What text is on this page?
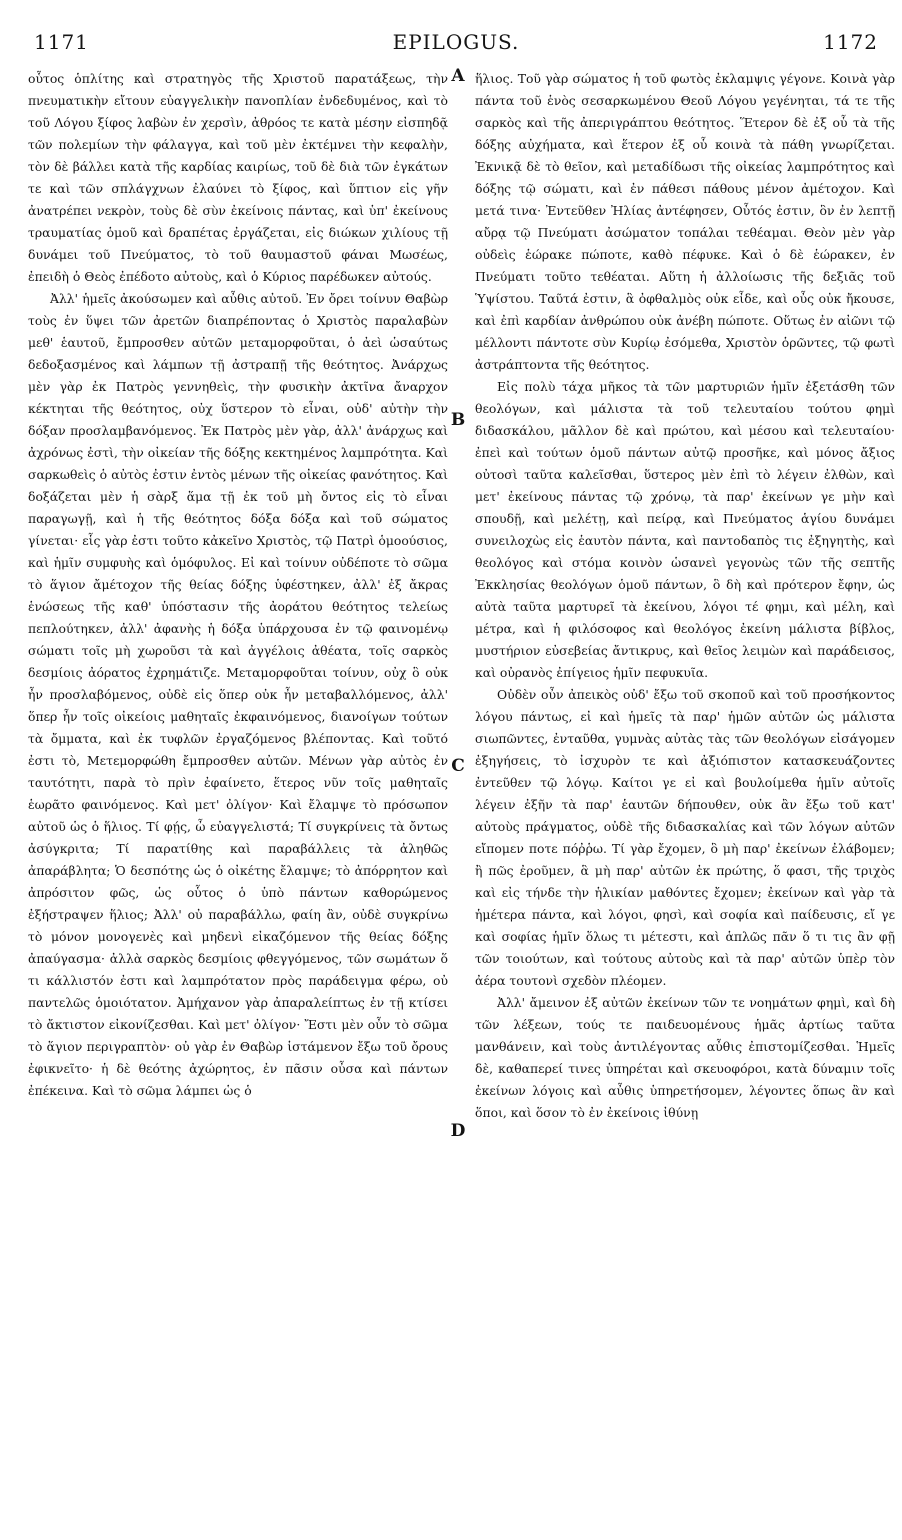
1171	EPILOGUS.	1172

οὗτος ὁπλίτης καὶ στρατηγὸς τῆς Χριστοῦ παρατάξεως, τὴν πνευματικὴν εἴτουν εὐαγγελικὴν πανοπλίαν ἐνδεδυμένος, καὶ τὸ τοῦ Λόγου ξίφος λαβὼν ἐν χερσὶν, ἀθρόος τε κατὰ μέσην εἰσπηδᾷ τῶν πολεμίων τὴν φάλαγγα, καὶ τοῦ μὲν ἐκτέμνει τὴν κεφαλὴν, τὸν δὲ βάλλει κατὰ τῆς καρδίας καιρίως, τοῦ δὲ διὰ τῶν ἐγκάτων τε καὶ τῶν σπλάγχνων ἐλαύνει τὸ ξίφος, καὶ ὕπτιον εἰς γῆν ἀνατρέπει νεκρὸν, τοὺς δὲ σὺν ἐκείνοις πάντας, καὶ ὑπ' ἐκείνους τραυματίας ὁμοῦ καὶ δραπέτας ἐργάζεται, εἰς διώκων χιλίους τῇ δυνάμει τοῦ Πνεύματος, τὸ τοῦ θαυμαστοῦ φάναι Μωσέως, ἐπειδὴ ὁ Θεὸς ἐπέδοτο αὐτοὺς, καὶ ὁ Κύριος παρέδωκεν αὐτούς.

Ἀλλ' ἡμεῖς ἀκούσωμεν καὶ αὖθις αὐτοῦ. Ἐν ὄρει τοίνυν Θαβὼρ τοὺς ἐν ὕψει τῶν ἀρετῶν διαπρέποντας ὁ Χριστὸς παραλαβὼν μεθ' ἑαυτοῦ, ἔμπροσθεν αὐτῶν μεταμορφοῦται, ὁ ἀεὶ ὡσαύτως δεδοξασμένος καὶ λάμπων τῇ ἀστραπῇ τῆς θεότητος. Ἀνάρχως μὲν γὰρ ἐκ Πατρὸς γεννηθεὶς, τὴν φυσικὴν ἀκτῖνα ἄναρχον κέκτηται τῆς θεότητος, οὐχ ὕστερον τὸ εἶναι, οὐδ' αὐτὴν τὴν δόξαν προσλαμβανόμενος. Ἐκ Πατρὸς μὲν γὰρ, ἀλλ' ἀνάρχως καὶ ἀχρόνως ἐστὶ, τὴν οἰκείαν τῆς δόξης κεκτημένος λαμπρότητα. Καὶ σαρκωθεὶς ὁ αὐτὸς ἐστιν ἐντὸς μένων τῆς οἰκείας φανότητος. Καὶ δοξάζεται μὲν ἡ σὰρξ ἅμα τῇ ἐκ τοῦ μὴ ὄντος εἰς τὸ εἶναι παραγωγῇ, καὶ ἡ τῆς θεότητος δόξα δόξα καὶ τοῦ σώματος γίνεται· εἷς γὰρ ἐστι τοῦτο κἀκεῖνο Χριστὸς, τῷ Πατρὶ ὁμοούσιος, καὶ ἡμῖν συμφυὴς καὶ ὁμόφυλος. Εἰ καὶ τοίνυν οὐδέποτε τὸ σῶμα τὸ ἅγιον ἄμέτοχον τῆς θείας δόξης ὑφέστηκεν, ἀλλ' ἐξ ἄκρας ἑνώσεως τῆς καθ' ὑπόστασιν τῆς ἀοράτου θεότητος τελείως πεπλούτηκεν, ἀλλ' ἀφανὴς ἡ δόξα ὑπάρχουσα ἐν τῷ φαινομένῳ σώματι τοῖς μὴ χωροῦσι τὰ καὶ ἀγγέλοις ἀθέατα, τοῖς σαρκὸς δεσμίοις ἀόρατος ἐχρημάτιζε. Μεταμορφοῦται τοίνυν, οὐχ ὃ οὐκ ἦν προσλαβόμενος, οὐδὲ εἰς ὅπερ οὐκ ἦν μεταβαλλόμενος, ἀλλ' ὅπερ ἦν τοῖς οἰκείοις μαθηταῖς ἐκφαινόμενος, διανοίγων τούτων τὰ ὄμματα, καὶ ἐκ τυφλῶν ἐργαζόμενος βλέποντας. Καὶ τοῦτό ἐστι τὸ, Μετεμορφώθη ἔμπροσθεν αὐτῶν. Μένων γὰρ αὐτὸς ἐν ταυτότητι, παρὰ τὸ πρὶν ἐφαίνετο, ἕτερος νῦν τοῖς μαθηταῖς ἑωρᾶτο φαινόμενος. Καὶ μετ' ὀλίγον· Καὶ ἔλαμψε τὸ πρόσωπον αὐτοῦ ὡς ὁ ἥλιος. Τί φῄς, ὦ εὐαγγελιστά; Τί συγκρίνεις τὰ ὄντως ἀσύγκριτα; Τί παρατίθης καὶ παραβάλλεις τὰ ἀληθῶς ἀπαράβλητα; Ὁ δεσπότης ὡς ὁ οἰκέτης ἔλαμψε; τὸ ἀπόρρητον καὶ ἀπρόσιτον φῶς, ὡς οὗτος ὁ ὑπὸ πάντων καθορώμενος ἐξήστραψεν ἥλιος; Ἀλλ' οὐ παραβάλλω, φαίη ἂν, οὐδὲ συγκρίνω τὸ μόνον μονογενὲς καὶ μηδενὶ εἰκαζόμενον τῆς θείας δόξης ἀπαύγασμα· ἀλλὰ σαρκὸς δεσμίοις φθεγγόμενος, τῶν σωμάτων ὅ τι κάλλιστόν ἐστι καὶ λαμπρότατον πρὸς παράδειγμα φέρω, οὐ παντελῶς ὁμοιότατον. Ἀμήχανον γὰρ ἀπαραλείπτως ἐν τῇ κτίσει τὸ ἄκτιστον εἰκονίζεσθαι. Καὶ μετ' ὀλίγον· Ἔστι μὲν οὖν τὸ σῶμα τὸ ἅγιον περιγραπτὸν· οὐ γὰρ ἐν Θαβὼρ ἱστάμενον ἔξω τοῦ ὄρους ἐφικνεῖτο· ἡ δὲ θεότης ἀχώρητος, ἐν πᾶσιν οὖσα καὶ πάντων ἐπέκεινα. Καὶ τὸ σῶμα λάμπει ὡς ὁ

A
B
C
D

ἥλιος. Τοῦ γὰρ σώματος ἡ τοῦ φωτὸς ἐκλαμψις γέγονε. Κοινὰ γὰρ πάντα τοῦ ἑνὸς σεσαρκωμένου Θεοῦ Λόγου γεγένηται, τά τε τῆς σαρκὸς καὶ τῆς ἀπεριγράπτου θεότητος. Ἕτερον δὲ ἐξ οὗ τὰ τῆς δόξης αὐχήματα, καὶ ἕτερον ἐξ οὗ κοινὰ τὰ πάθη γνωρίζεται. Ἐκνικᾷ δὲ τὸ θεῖον, καὶ μεταδίδωσι τῆς οἰκείας λαμπρότητος καὶ δόξης τῷ σώματι, καὶ ἐν πάθεσι πάθους μένον ἀμέτοχον. Καὶ μετά τινα· Ἐντεῦθεν Ἠλίας ἀντέφησεν, Οὗτός ἐστιν, ὃν ἐν λεπτῇ αὔρᾳ τῷ Πνεύματι ἀσώματον τοπάλαι τεθέαμαι. Θεὸν μὲν γὰρ οὐδεὶς ἑώρακε πώποτε, καθὸ πέφυκε. Καὶ ὁ δὲ ἑώρακεν, ἐν Πνεύματι τοῦτο τεθέαται. Αὕτη ἡ ἀλλοίωσις τῆς δεξιᾶς τοῦ Ὑψίστου. Ταῦτά ἐστιν, ἃ ὀφθαλμὸς οὐκ εἶδε, καὶ οὖς οὐκ ἤκουσε, καὶ ἐπὶ καρδίαν ἀνθρώπου οὐκ ἀνέβη πώποτε. Οὕτως ἐν αἰῶνι τῷ μέλλοντι πάντοτε σὺν Κυρίῳ ἐσόμεθα, Χριστὸν ὁρῶντες, τῷ φωτὶ ἀστράπτοντα τῆς θεότητος.

Εἰς πολὺ τάχα μῆκος τὰ τῶν μαρτυριῶν ἡμῖν ἐξετάσθη τῶν θεολόγων, καὶ μάλιστα τὰ τοῦ τελευταίου τούτου φημὶ διδασκάλου, μᾶλλον δὲ καὶ πρώτου, καὶ μέσου καὶ τελευταίου· ἐπεὶ καὶ τούτων ὁμοῦ πάντων αὐτῷ προσῆκε, καὶ μόνος ἄξιος οὐτοσὶ ταῦτα καλεῖσθαι, ὕστερος μὲν ἐπὶ τὸ λέγειν ἐλθὼν, καὶ μετ' ἐκείνους πάντας τῷ χρόνῳ, τὰ παρ' ἐκείνων γε μὴν καὶ σπουδῇ, καὶ μελέτῃ, καὶ πείρᾳ, καὶ Πνεύματος ἁγίου δυνάμει συνειλοχὼς εἰς ἑαυτὸν πάντα, καὶ παντοδαπὸς τις ἐξηγητὴς, καὶ θεολόγος καὶ στόμα κοινὸν ὡσανεὶ γεγονὼς τῶν τῆς σεπτῆς Ἐκκλησίας θεολόγων ὁμοῦ πάντων, ὃ δὴ καὶ πρότερον ἔφην, ὡς αὐτὰ ταῦτα μαρτυρεῖ τὰ ἐκείνου, λόγοι τέ φημι, καὶ μέλη, καὶ μέτρα, καὶ ἡ φιλόσοφος καὶ θεολόγος ἐκείνη μάλιστα βίβλος, μυστήριον εὐσεβείας ἄντικρυς, καὶ θεῖος λειμὼν καὶ παράδεισος, καὶ οὐρανὸς ἐπίγειος ἡμῖν πεφυκυῖα.

Οὐδὲν οὖν ἀπεικὸς οὐδ' ἔξω τοῦ σκοποῦ καὶ τοῦ προσήκοντος λόγου πάντως, εἰ καὶ ἡμεῖς τὰ παρ' ἡμῶν αὐτῶν ὡς μάλιστα σιωπῶντες, ἐνταῦθα, γυμνὰς αὐτὰς τὰς τῶν θεολόγων εἰσάγομεν ἐξηγήσεις, τὸ ἰσχυρὸν τε καὶ ἀξιόπιστον κατασκευάζοντες ἐντεῦθεν τῷ λόγῳ. Καίτοι γε εἰ καὶ βουλοίμεθα ἡμῖν αὐτοῖς λέγειν ἐξῆν τὰ παρ' ἑαυτῶν δήπουθεν, οὐκ ἂν ἔξω τοῦ κατ' αὐτοὺς πράγματος, οὐδὲ τῆς διδασκαλίας καὶ τῶν λόγων αὐτῶν εἴπομεν ποτε πόῤῥω. Τί γὰρ ἔχομεν, ὃ μὴ παρ' ἐκείνων ἐλάβομεν; ἢ πῶς ἐροῦμεν, ἃ μὴ παρ' αὐτῶν ἐκ πρώτης, ὅ φασι, τῆς τριχὸς καὶ εἰς τήνδε τὴν ἡλικίαν μαθόντες ἔχομεν; ἐκείνων καὶ γὰρ τὰ ἡμέτερα πάντα, καὶ λόγοι, φησὶ, καὶ σοφία καὶ παίδευσις, εἴ γε καὶ σοφίας ἡμῖν ὅλως τι μέτεστι, καὶ ἁπλῶς πᾶν ὅ τι τις ἂν φῇ τῶν τοιούτων, καὶ τούτους αὐτοὺς καὶ τὰ παρ' αὐτῶν ὑπὲρ τὸν ἀέρα τουτονὶ σχεδὸν πλέομεν.

Ἀλλ' ἄμεινον ἐξ αὐτῶν ἐκείνων τῶν τε νοημάτων φημὶ, καὶ δὴ τῶν λέξεων, τούς τε παιδευομένους ἡμᾶς ἀρτίως ταῦτα μανθάνειν, καὶ τοὺς ἀντιλέγοντας αὖθις ἐπιστομίζεσθαι. Ἡμεῖς δὲ, καθαπερεί τινες ὑπηρέται καὶ σκευοφόροι, κατὰ δύναμιν τοῖς ἐκείνων λόγοις καὶ αὖθις ὑπηρετήσομεν, λέγοντες ὅπως ἂν καὶ ὅποι, καὶ ὅσον τὸ ἐν ἐκείνοις ἰθύνῃ
